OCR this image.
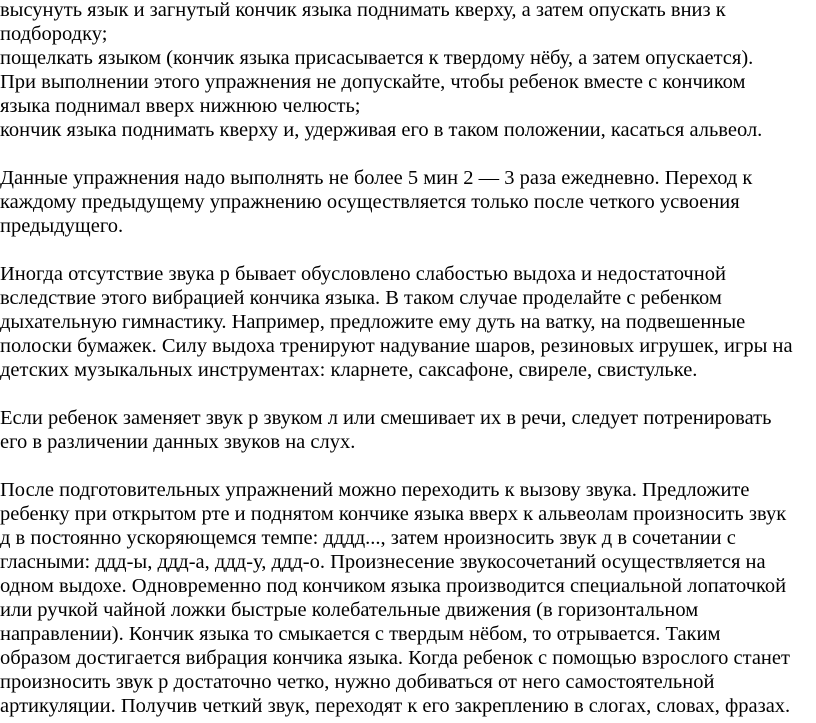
высунуть язык и загнутый кончик языка поднимать кверху, а затем опускать вниз к
подбородку;
пощелкать языком (кончик языка присасывается к твердому нёбу, а затем опускается).
При выполнении этого упражнения не допускайте, чтобы ребенок вместе с кончиком
языка поднимал вверх нижнюю челюсть;
кончик языка поднимать кверху и, удерживая его в таком положении, касаться альвеол.
Данные упражнения надо выполнять не более 5 мин 2 — 3 раза ежедневно. Переход к
каждому предыдущему упражнению осуществляется только после четкого усвоения
предыдущего.
Иногда отсутствие звука р бывает обусловлено слабостью выдоха и недостаточной
вследствие этого вибрацией кончика языка. В таком случае проделайте с ребенком
дыхательную гимнастику. Например, предложите ему дуть на ватку, на подвешенные
полоски бумажек. Силу выдоха тренируют надувание шаров, резиновых игрушек, игры на
детских музыкальных инструментах: кларнете, саксафоне, свиреле, свистульке.
Если ребенок заменяет звук р звуком л или смешивает их в речи, следует потренировать
его в различении данных звуков на слух.
После подготовительных упражнений можно переходить к вызову звука. Предложите
ребенку при открытом рте и поднятом кончике языка вверх к альвеолам произносить звук
д в постоянно ускоряющемся темпе: дддд..., затем нроизносить звук д в сочетании с
гласными: ддд-ы, ддд-а, ддд-у, ддд-о. Произнесение звукосочетаний осуществляется на
одном выдохе. Одновременно под кончиком языка производится специальной лопаточкой
или ручкой чайной ложки быстрые колебательные движения (в горизонтальном
направлении). Кончик языка то смыкается с твердым нёбом, то отрывается. Таким
образом достигается вибрация кончика языка. Когда ребенок с помощью взрослого станет
произносить звук р достаточно четко, нужно добиваться от него самостоятельной
артикуляции. Получив четкий звук, переходят к его закреплению в слогах, словах, фразах.
